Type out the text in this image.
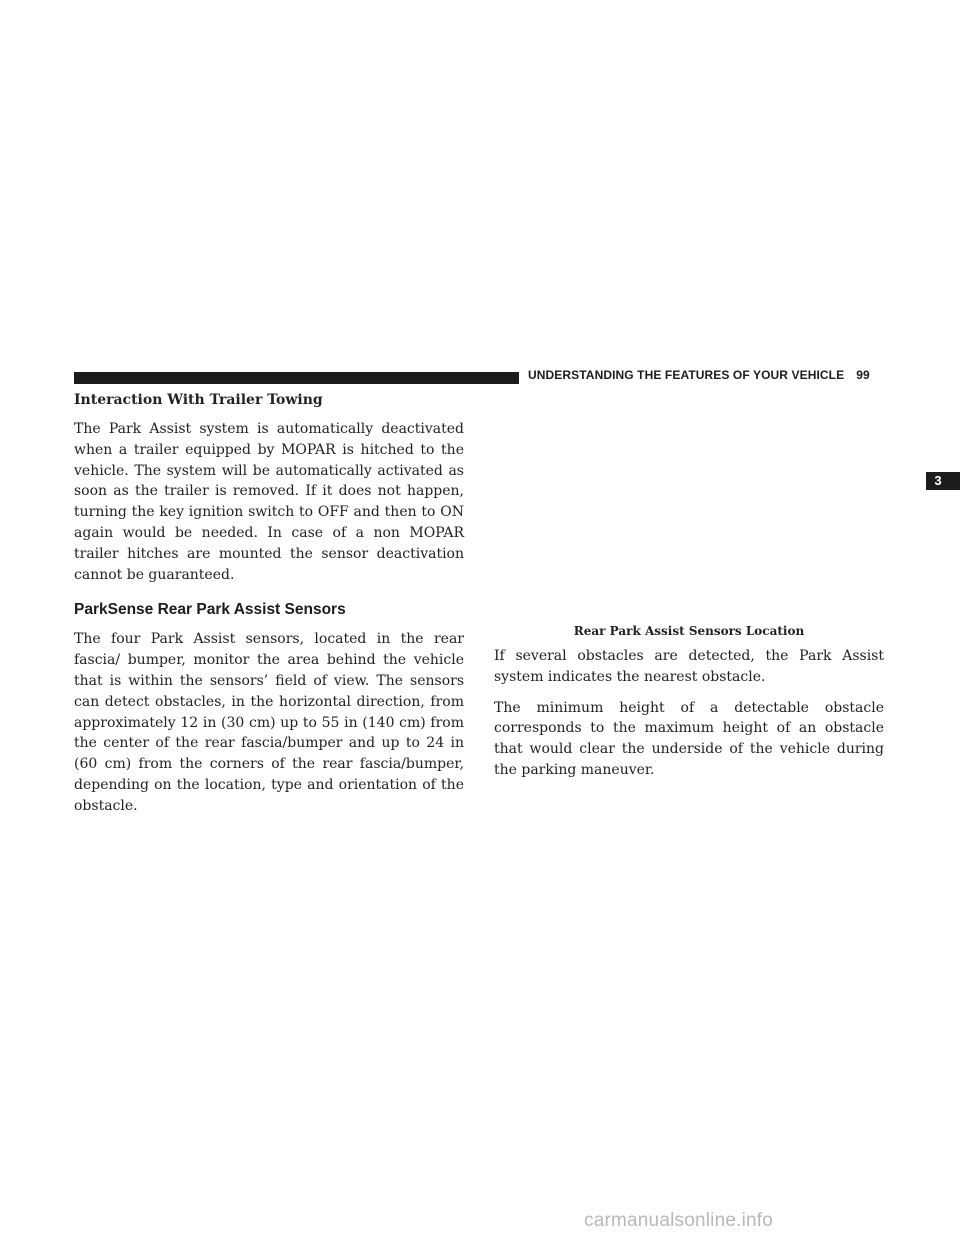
UNDERSTANDING THE FEATURES OF YOUR VEHICLE 99
3

Interaction With Trailer Towing

The Park Assist system is automatically deactivated when a trailer equipped by MOPAR is hitched to the vehicle. The system will be automatically activated as soon as the trailer is removed. If it does not happen, turning the key ignition switch to OFF and then to ON again would be needed. In case of a non MOPAR trailer hitches are mounted the sensor deactivation cannot be guaranteed.

ParkSense Rear Park Assist Sensors

The four Park Assist sensors, located in the rear fascia/ bumper, monitor the area behind the vehicle that is within the sensors’ field of view. The sensors can detect obstacles, in the horizontal direction, from approximately 12 in (30 cm) up to 55 in (140 cm) from the center of the rear fascia/bumper and up to 24 in (60 cm) from the corners of the rear fascia/bumper, depending on the location, type and orientation of the obstacle.

Rear Park Assist Sensors Location

If several obstacles are detected, the Park Assist system indicates the nearest obstacle.

The minimum height of a detectable obstacle corresponds to the maximum height of an obstacle that would clear the underside of the vehicle during the parking maneuver.

carmanualsonline.info
